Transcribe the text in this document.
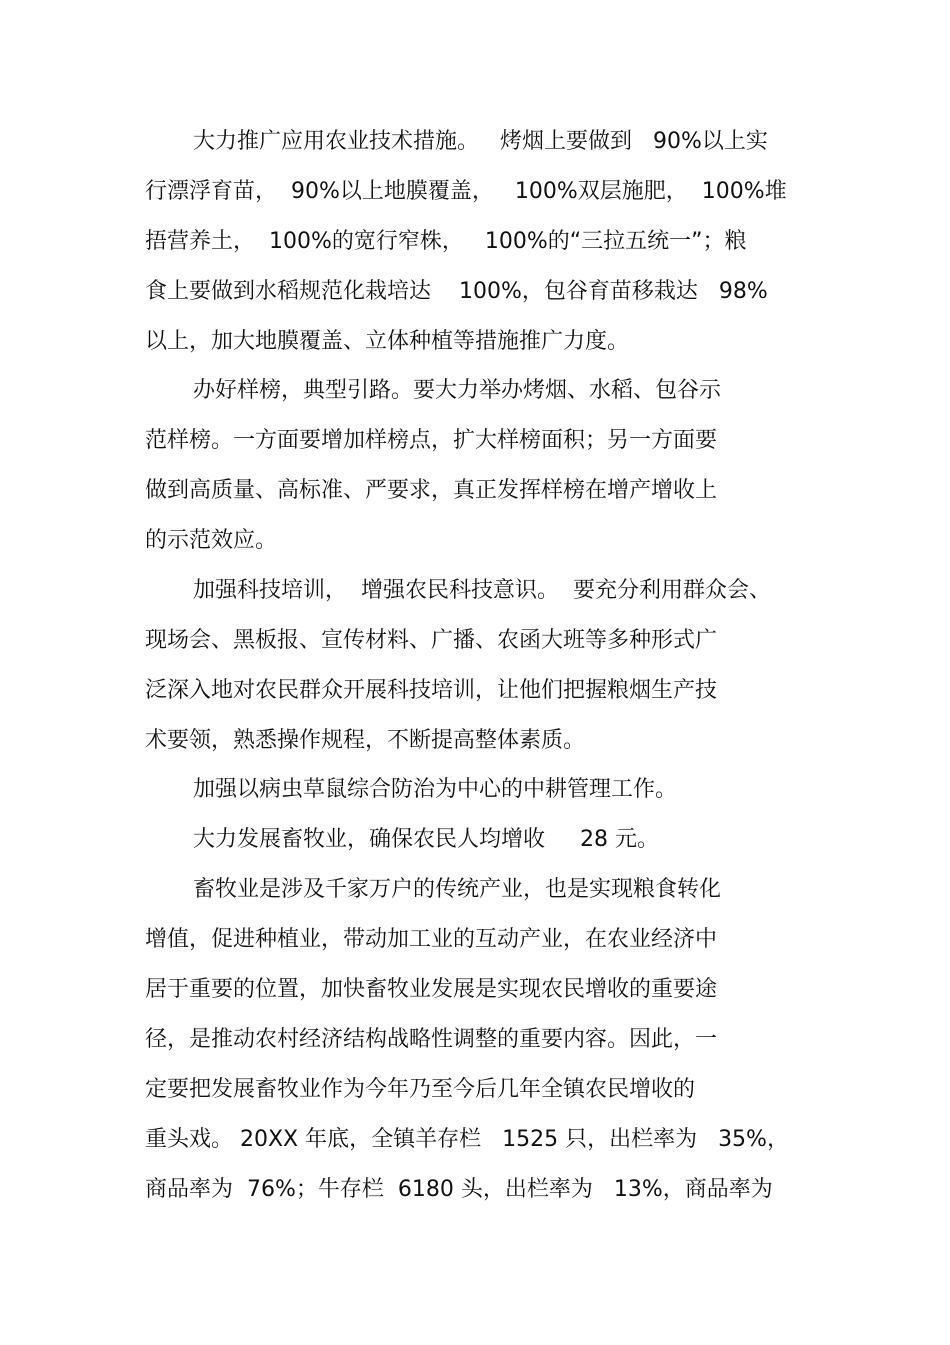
大力推广应用农业技术措施。   烤烟上要做到   90%以上实

行漂浮育苗，  90%以上地膜覆盖，   100%双层施肥，  100%堆

捂营养土，  100%的宽行窄株，   100%的“三拉五统一”；粮

食上要做到水稻规范化栽培达    100%，包谷育苗移栽达   98%

以上，加大地膜覆盖、立体种植等措施推广力度。

办好样榜，典型引路。要大力举办烤烟、水稻、包谷示

范样榜。一方面要增加样榜点，扩大样榜面积；另一方面要

做到高质量、高标准、严要求，真正发挥样榜在增产增收上

的示范效应。

加强科技培训，  增强农民科技意识。  要充分利用群众会、

现场会、黑板报、宣传材料、广播、农函大班等多种形式广

泛深入地对农民群众开展科技培训，让他们把握粮烟生产技

术要领，熟悉操作规程，不断提高整体素质。

加强以病虫草鼠综合防治为中心的中耕管理工作。

大力发展畜牧业，确保农民人均增收     28 元。

畜牧业是涉及千家万户的传统产业，也是实现粮食转化

增值，促进种植业，带动加工业的互动产业，在农业经济中

居于重要的位置，加快畜牧业发展是实现农民增收的重要途

径，是推动农村经济结构战略性调整的重要内容。因此，一

定要把发展畜牧业作为今年乃至今后几年全镇农民增收的

重头戏。 20XX 年底，全镇羊存栏   1525 只，出栏率为   35%，

商品率为  76%；牛存栏  6180 头，出栏率为   13%，商品率为
